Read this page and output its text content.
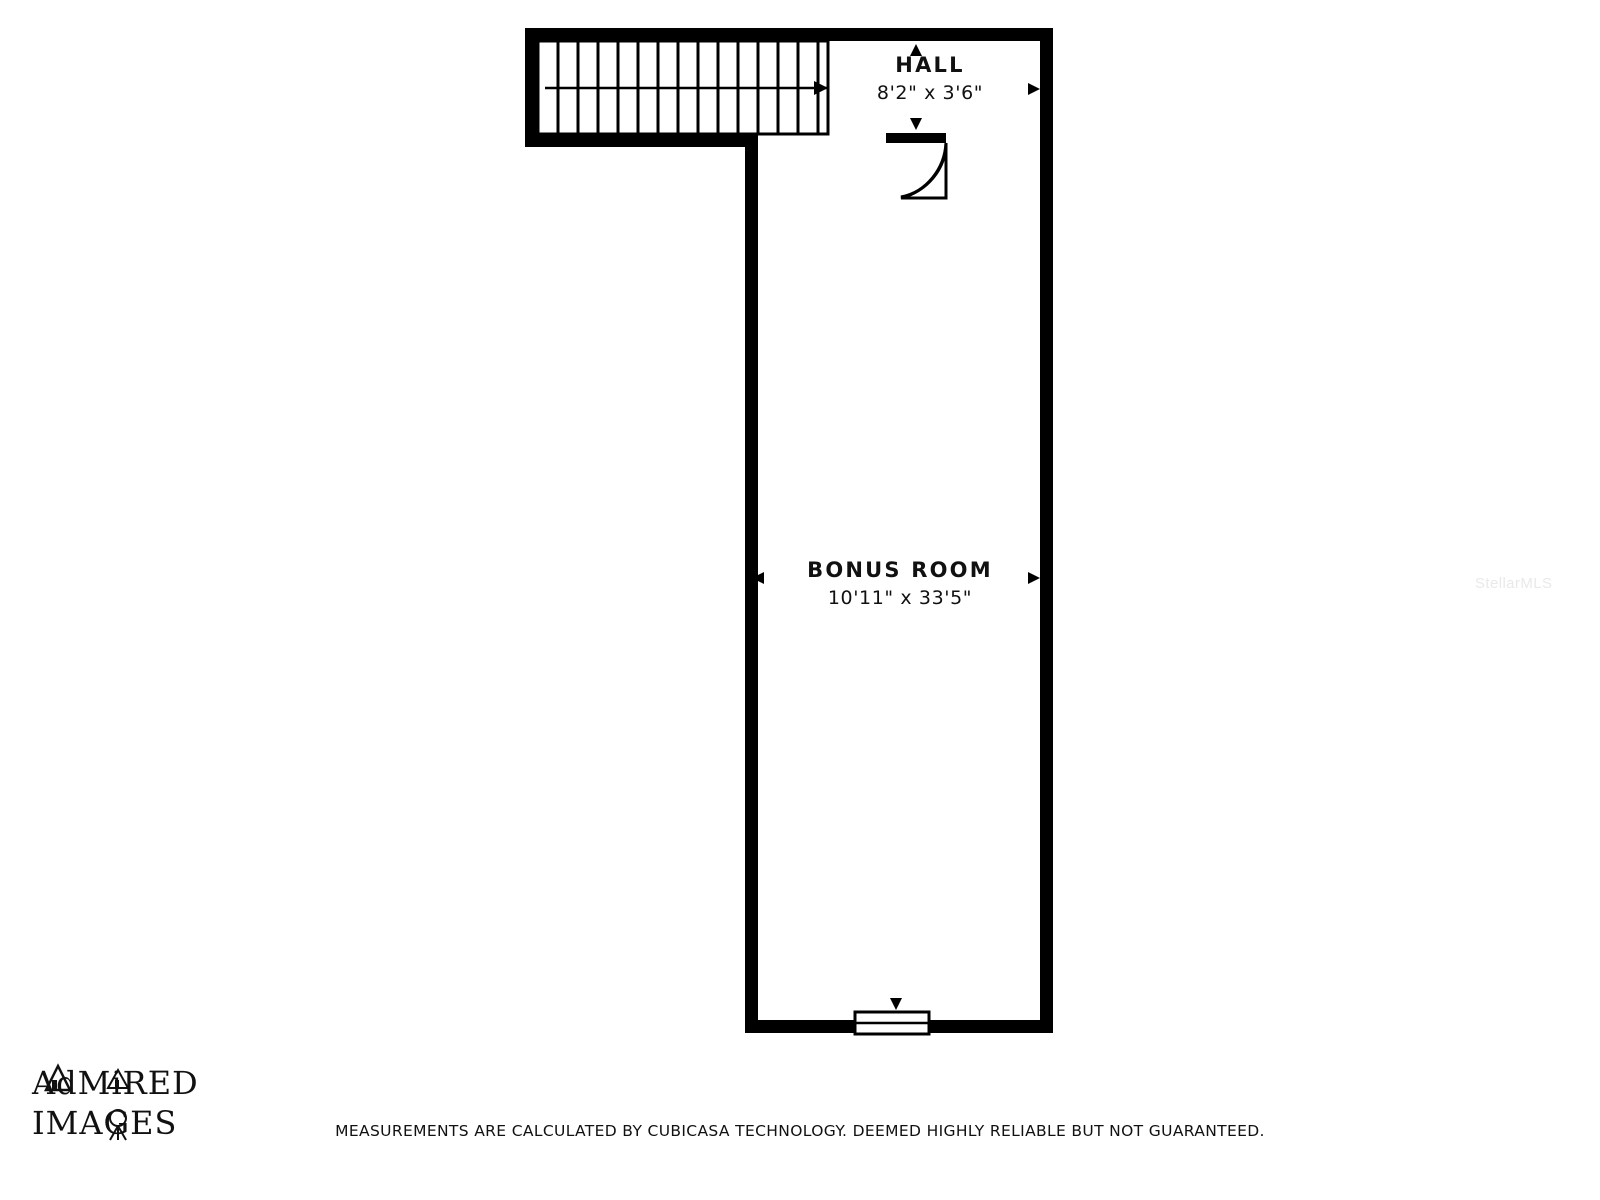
HALL
8'2" x 3'6"
BONUS ROOM
10'11" x 33'5"
StellarMLS
AdMiRED
IMAGES	MEASUREMENTS ARE CALCULATED BY CUBICASA TECHNOLOGY. DEEMED HIGHLY RELIABLE BUT NOT GUARANTEED.
